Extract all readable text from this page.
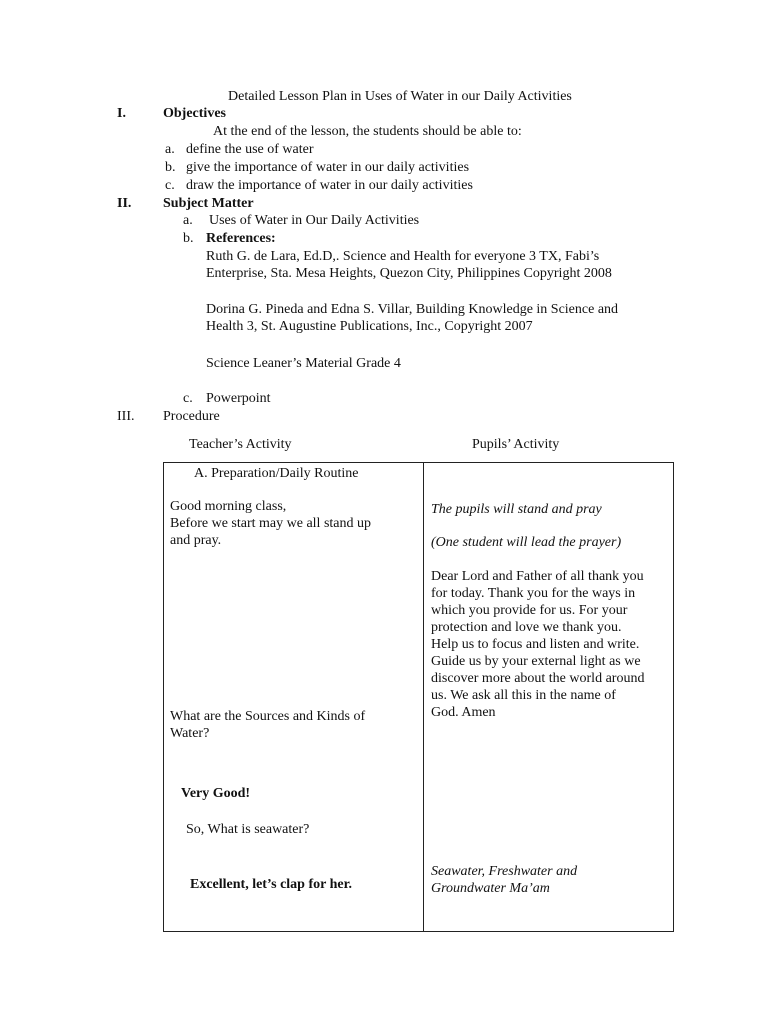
Detailed Lesson Plan in Uses of Water in our Daily Activities
I.	Objectives
At the end of the lesson, the students should be able to:
a. define the use of water
b. give the importance of water in our daily activities
c. draw the importance of water in our daily activities
II. Subject Matter
a. Uses of Water in Our Daily Activities
b. References:
Ruth G. de Lara, Ed.D,. Science and Health for everyone 3 TX, Fabi’s
Enterprise, Sta. Mesa Heights, Quezon City, Philippines Copyright 2008
Dorina G. Pineda and Edna S. Villar, Building Knowledge in Science and
Health 3, St. Augustine Publications, Inc., Copyright 2007
Science Leaner’s Material Grade 4
c. Powerpoint
III. Procedure
Teacher’s Activity	Pupils’ Activity
A. Preparation/Daily Routine
Good morning class,
Before we start may we all stand up
and pray.
What are the Sources and Kinds of
Water?
Very Good!
So, What is seawater?
Excellent, let’s clap for her.
The pupils will stand and pray
(One student will lead the prayer)
Dear Lord and Father of all thank you
for today. Thank you for the ways in
which you provide for us. For your
protection and love we thank you.
Help us to focus and listen and write.
Guide us by your external light as we
discover more about the world around
us. We ask all this in the name of
God. Amen
Seawater, Freshwater and
Groundwater Ma’am
